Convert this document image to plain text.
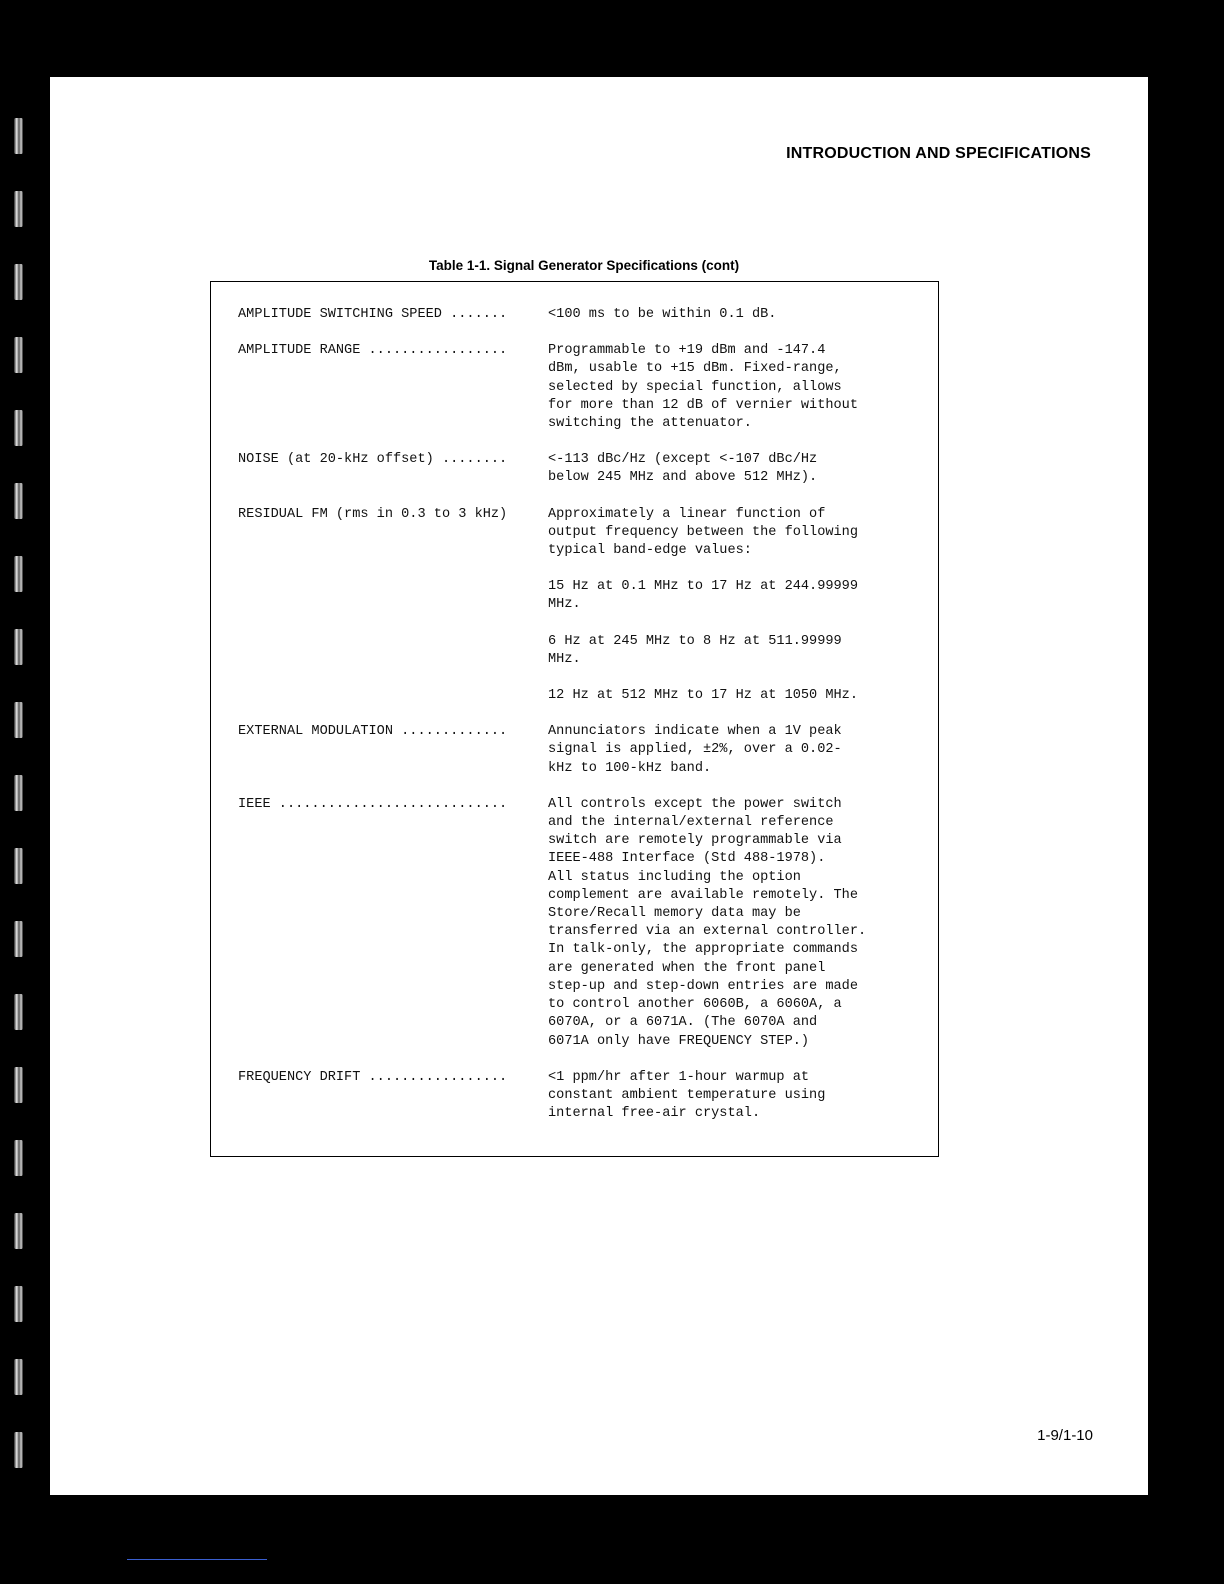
INTRODUCTION AND SPECIFICATIONS
Table 1-1. Signal Generator Specifications (cont)
AMPLITUDE SWITCHING SPEED .......	<100 ms to be within 0.1 dB.
AMPLITUDE RANGE .................	Programmable to +19 dBm and -147.4
dBm, usable to +15 dBm. Fixed-range,
selected by special function, allows
for more than 12 dB of vernier without
switching the attenuator.
NOISE (at 20-kHz offset) ........	<-113 dBc/Hz (except <-107 dBc/Hz
below 245 MHz and above 512 MHz).
RESIDUAL FM (rms in 0.3 to 3 kHz)	Approximately a linear function of
output frequency between the following
typical band-edge values:
15 Hz at 0.1 MHz to 17 Hz at 244.99999
MHz.
6 Hz at 245 MHz to 8 Hz at 511.99999
MHz.
12 Hz at 512 MHz to 17 Hz at 1050 MHz.
EXTERNAL MODULATION .............	Annunciators indicate when a 1V peak
signal is applied, ±2%, over a 0.02-
kHz to 100-kHz band.
IEEE ............................	All controls except the power switch
and the internal/external reference
switch are remotely programmable via
IEEE-488 Interface (Std 488-1978).
All status including the option
complement are available remotely. The
Store/Recall memory data may be
transferred via an external controller.
In talk-only, the appropriate commands
are generated when the front panel
step-up and step-down entries are made
to control another 6060B, a 6060A, a
6070A, or a 6071A. (The 6070A and
6071A only have FREQUENCY STEP.)
FREQUENCY DRIFT .................	<1 ppm/hr after 1-hour warmup at
constant ambient temperature using
internal free-air crystal.
1-9/1-10
